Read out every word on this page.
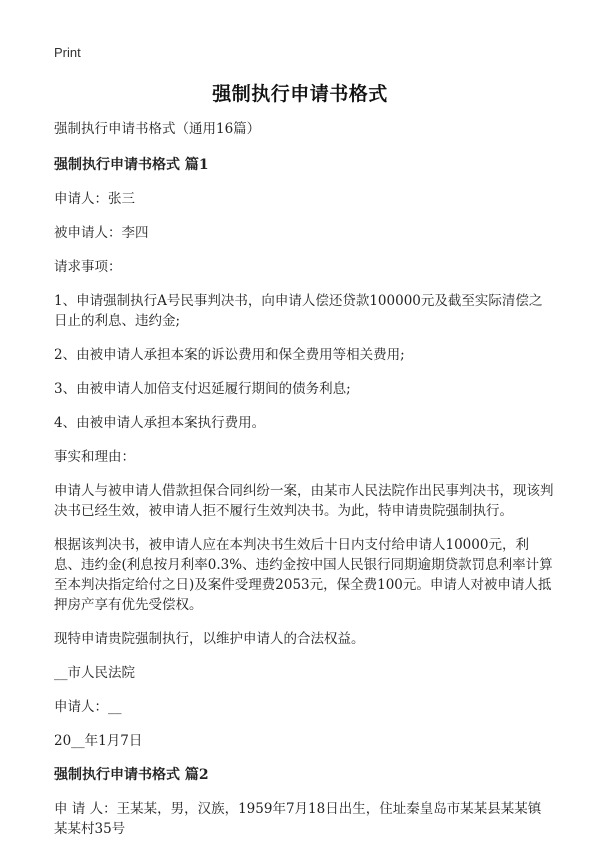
Print
强制执行申请书格式

强制执行申请书格式（通用16篇）

强制执行申请书格式 篇1

申请人：张三

被申请人：李四

请求事项：

1、申请强制执行A号民事判决书，向申请人偿还贷款100000元及截至实际清偿之日止的利息、违约金;

2、由被申请人承担本案的诉讼费用和保全费用等相关费用;

3、由被申请人加倍支付迟延履行期间的债务利息;

4、由被申请人承担本案执行费用。

事实和理由：

申请人与被申请人借款担保合同纠纷一案，由某市人民法院作出民事判决书，现该判决书已经生效，被申请人拒不履行生效判决书。为此，特申请贵院强制执行。

根据该判决书，被申请人应在本判决书生效后十日内支付给申请人10000元，利息、违约金(利息按月利率0.3%、违约金按中国人民银行同期逾期贷款罚息利率计算至本判决指定给付之日)及案件受理费2053元，保全费100元。申请人对被申请人抵押房产享有优先受偿权。

现特申请贵院强制执行，以维护申请人的合法权益。

__市人民法院

申请人：__

20__年1月7日

强制执行申请书格式 篇2

申 请 人：王某某，男，汉族，1959年7月18日出生，住址秦皇岛市某某县某某镇某某村35号
